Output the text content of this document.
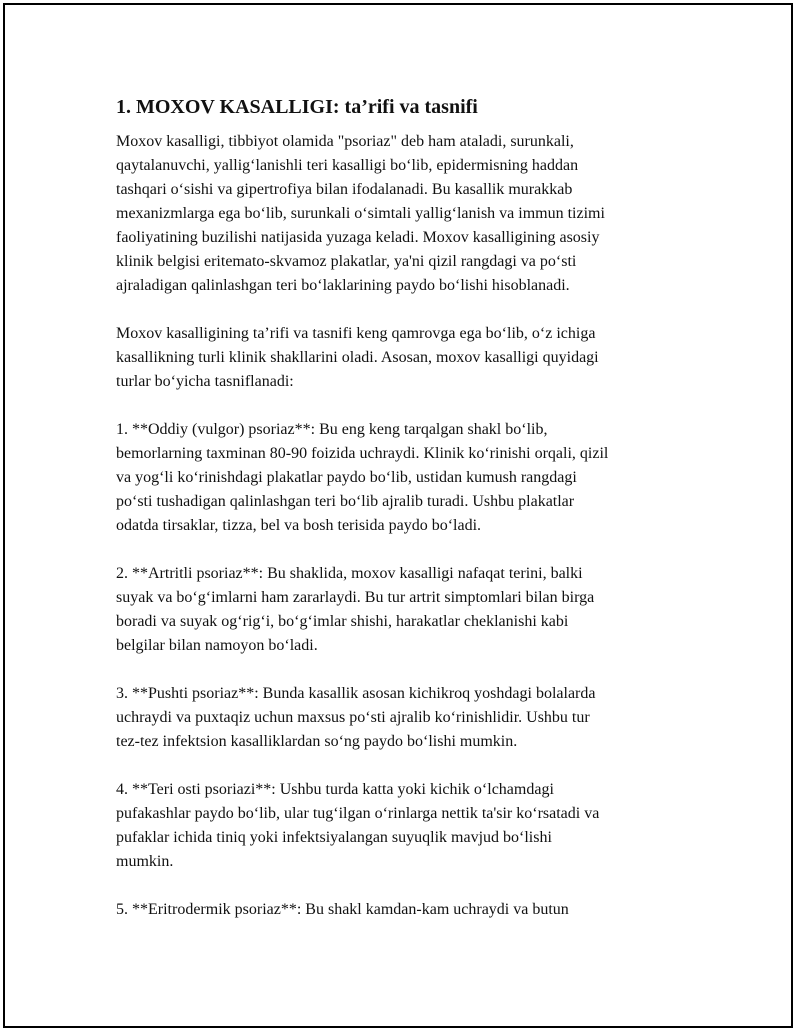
1. MOXOV KASALLIGI: ta’rifi va tasnifi
Moxov kasalligi, tibbiyot olamida "psoriaz" deb ham ataladi, surunkali,
qaytalanuvchi, yallig‘lanishli teri kasalligi bo‘lib, epidermisning haddan
tashqari o‘sishi va gipertrofiya bilan ifodalanadi. Bu kasallik murakkab
mexanizmlarga ega bo‘lib, surunkali o‘simtali yallig‘lanish va immun tizimi
faoliyatining buzilishi natijasida yuzaga keladi. Moxov kasalligining asosiy
klinik belgisi eritemato-skvamoz plakatlar, ya'ni qizil rangdagi va po‘sti
ajraladigan qalinlashgan teri bo‘laklarining paydo bo‘lishi hisoblanadi.
Moxov kasalligining ta’rifi va tasnifi keng qamrovga ega bo‘lib, o‘z ichiga
kasallikning turli klinik shakllarini oladi. Asosan, moxov kasalligi quyidagi
turlar bo‘yicha tasniflanadi:
1. **Oddiy (vulgor) psoriaz**: Bu eng keng tarqalgan shakl bo‘lib,
bemorlarning taxminan 80-90 foizida uchraydi. Klinik ko‘rinishi orqali, qizil
va yog‘li ko‘rinishdagi plakatlar paydo bo‘lib, ustidan kumush rangdagi
po‘sti tushadigan qalinlashgan teri bo‘lib ajralib turadi. Ushbu plakatlar
odatda tirsaklar, tizza, bel va bosh terisida paydo bo‘ladi.
2. **Artritli psoriaz**: Bu shaklida, moxov kasalligi nafaqat terini, balki
suyak va bo‘g‘imlarni ham zararlaydi. Bu tur artrit simptomlari bilan birga
boradi va suyak og‘rig‘i, bo‘g‘imlar shishi, harakatlar cheklanishi kabi
belgilar bilan namoyon bo‘ladi.
3. **Pushti psoriaz**: Bunda kasallik asosan kichikroq yoshdagi bolalarda
uchraydi va puxtaqiz uchun maxsus po‘sti ajralib ko‘rinishlidir. Ushbu tur
tez-tez infektsion kasalliklardan so‘ng paydo bo‘lishi mumkin.
4. **Teri osti psoriazi**: Ushbu turda katta yoki kichik o‘lchamdagi
pufakashlar paydo bo‘lib, ular tug‘ilgan o‘rinlarga nettik ta'sir ko‘rsatadi va
pufaklar ichida tiniq yoki infektsiyalangan suyuqlik mavjud bo‘lishi
mumkin.
5. **Eritrodermik psoriaz**: Bu shakl kamdan-kam uchraydi va butun
